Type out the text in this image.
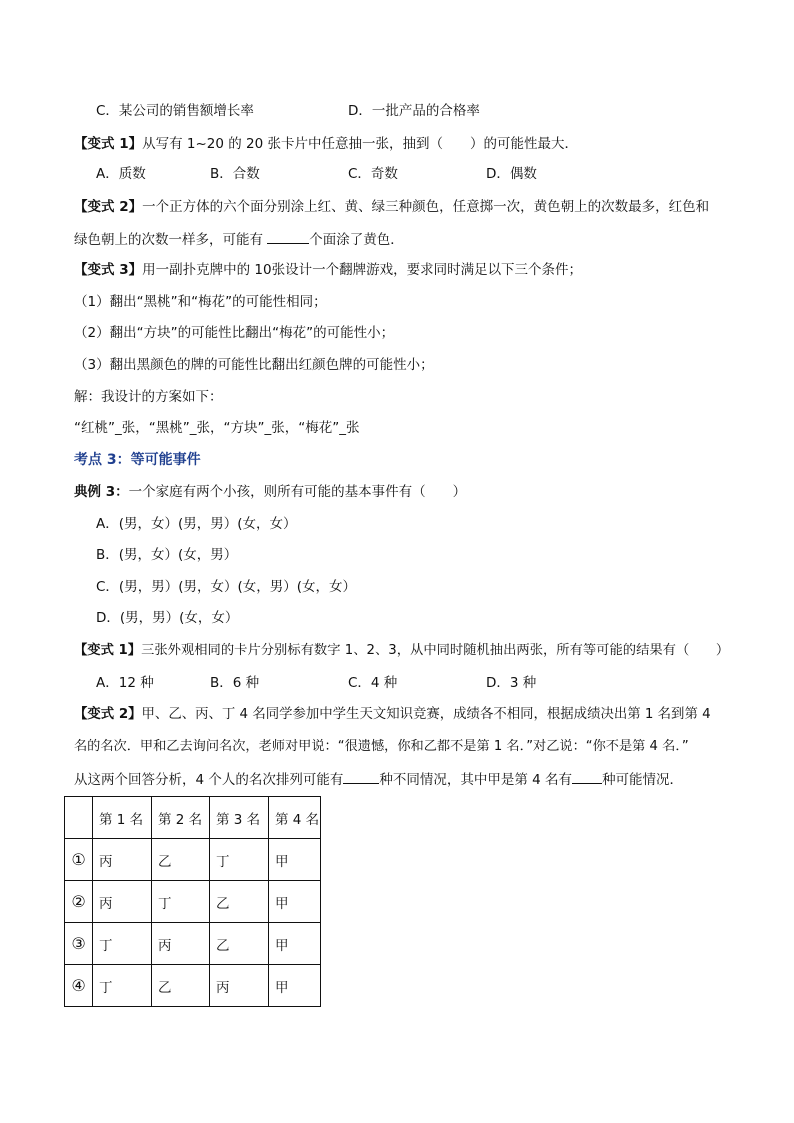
C．某公司的销售额增长率	D．一批产品的合格率
【变式 1】从写有 1~20 的 20 张卡片中任意抽一张，抽到（　　）的可能性最大．
A．质数	B．合数	C．奇数	D．偶数
【变式 2】一个正方体的六个面分别涂上红、黄、绿三种颜色，任意掷一次，黄色朝上的次数最多，红色和
绿色朝上的次数一样多，可能有	个面涂了黄色．
【变式 3】用一副扑克牌中的 10张设计一个翻牌游戏，要求同时满足以下三个条件；
（1）翻出“黑桃”和“梅花”的可能性相同；
（2）翻出“方块”的可能性比翻出“梅花”的可能性小；
（3）翻出黑颜色的牌的可能性比翻出红颜色牌的可能性小；
解：我设计的方案如下：
“红桃”_张，“黑桃”_张，“方块”_张，“梅花”_张
考点 3：等可能事件
典例 3：一个家庭有两个小孩，则所有可能的基本事件有（　　）
A．(男，女）(男，男）(女，女）
B．(男，女）(女，男）
C．(男，男）(男，女）(女，男）(女，女）
D．(男，男）(女，女）
【变式 1】三张外观相同的卡片分别标有数字 1、2、3，从中同时随机抽出两张，所有等可能的结果有（　　）
A．12 种	B．6 种	C．4 种	D．3 种
【变式 2】甲、乙、丙、丁 4 名同学参加中学生天文知识竞赛，成绩各不相同，根据成绩决出第 1 名到第 4
名的名次．甲和乙去询问名次，老师对甲说：“很遗憾，你和乙都不是第 1 名．”对乙说：“你不是第 4 名．”
从这两个回答分析，4 个人的名次排列可能有	种不同情况，其中甲是第 4 名有 种可能情况．
	第 1 名	第 2 名	第 3 名	第 4 名
①	丙	乙	丁	甲
②	丙	丁	乙	甲
③	丁	丙	乙	甲
④	丁	乙	丙	甲
